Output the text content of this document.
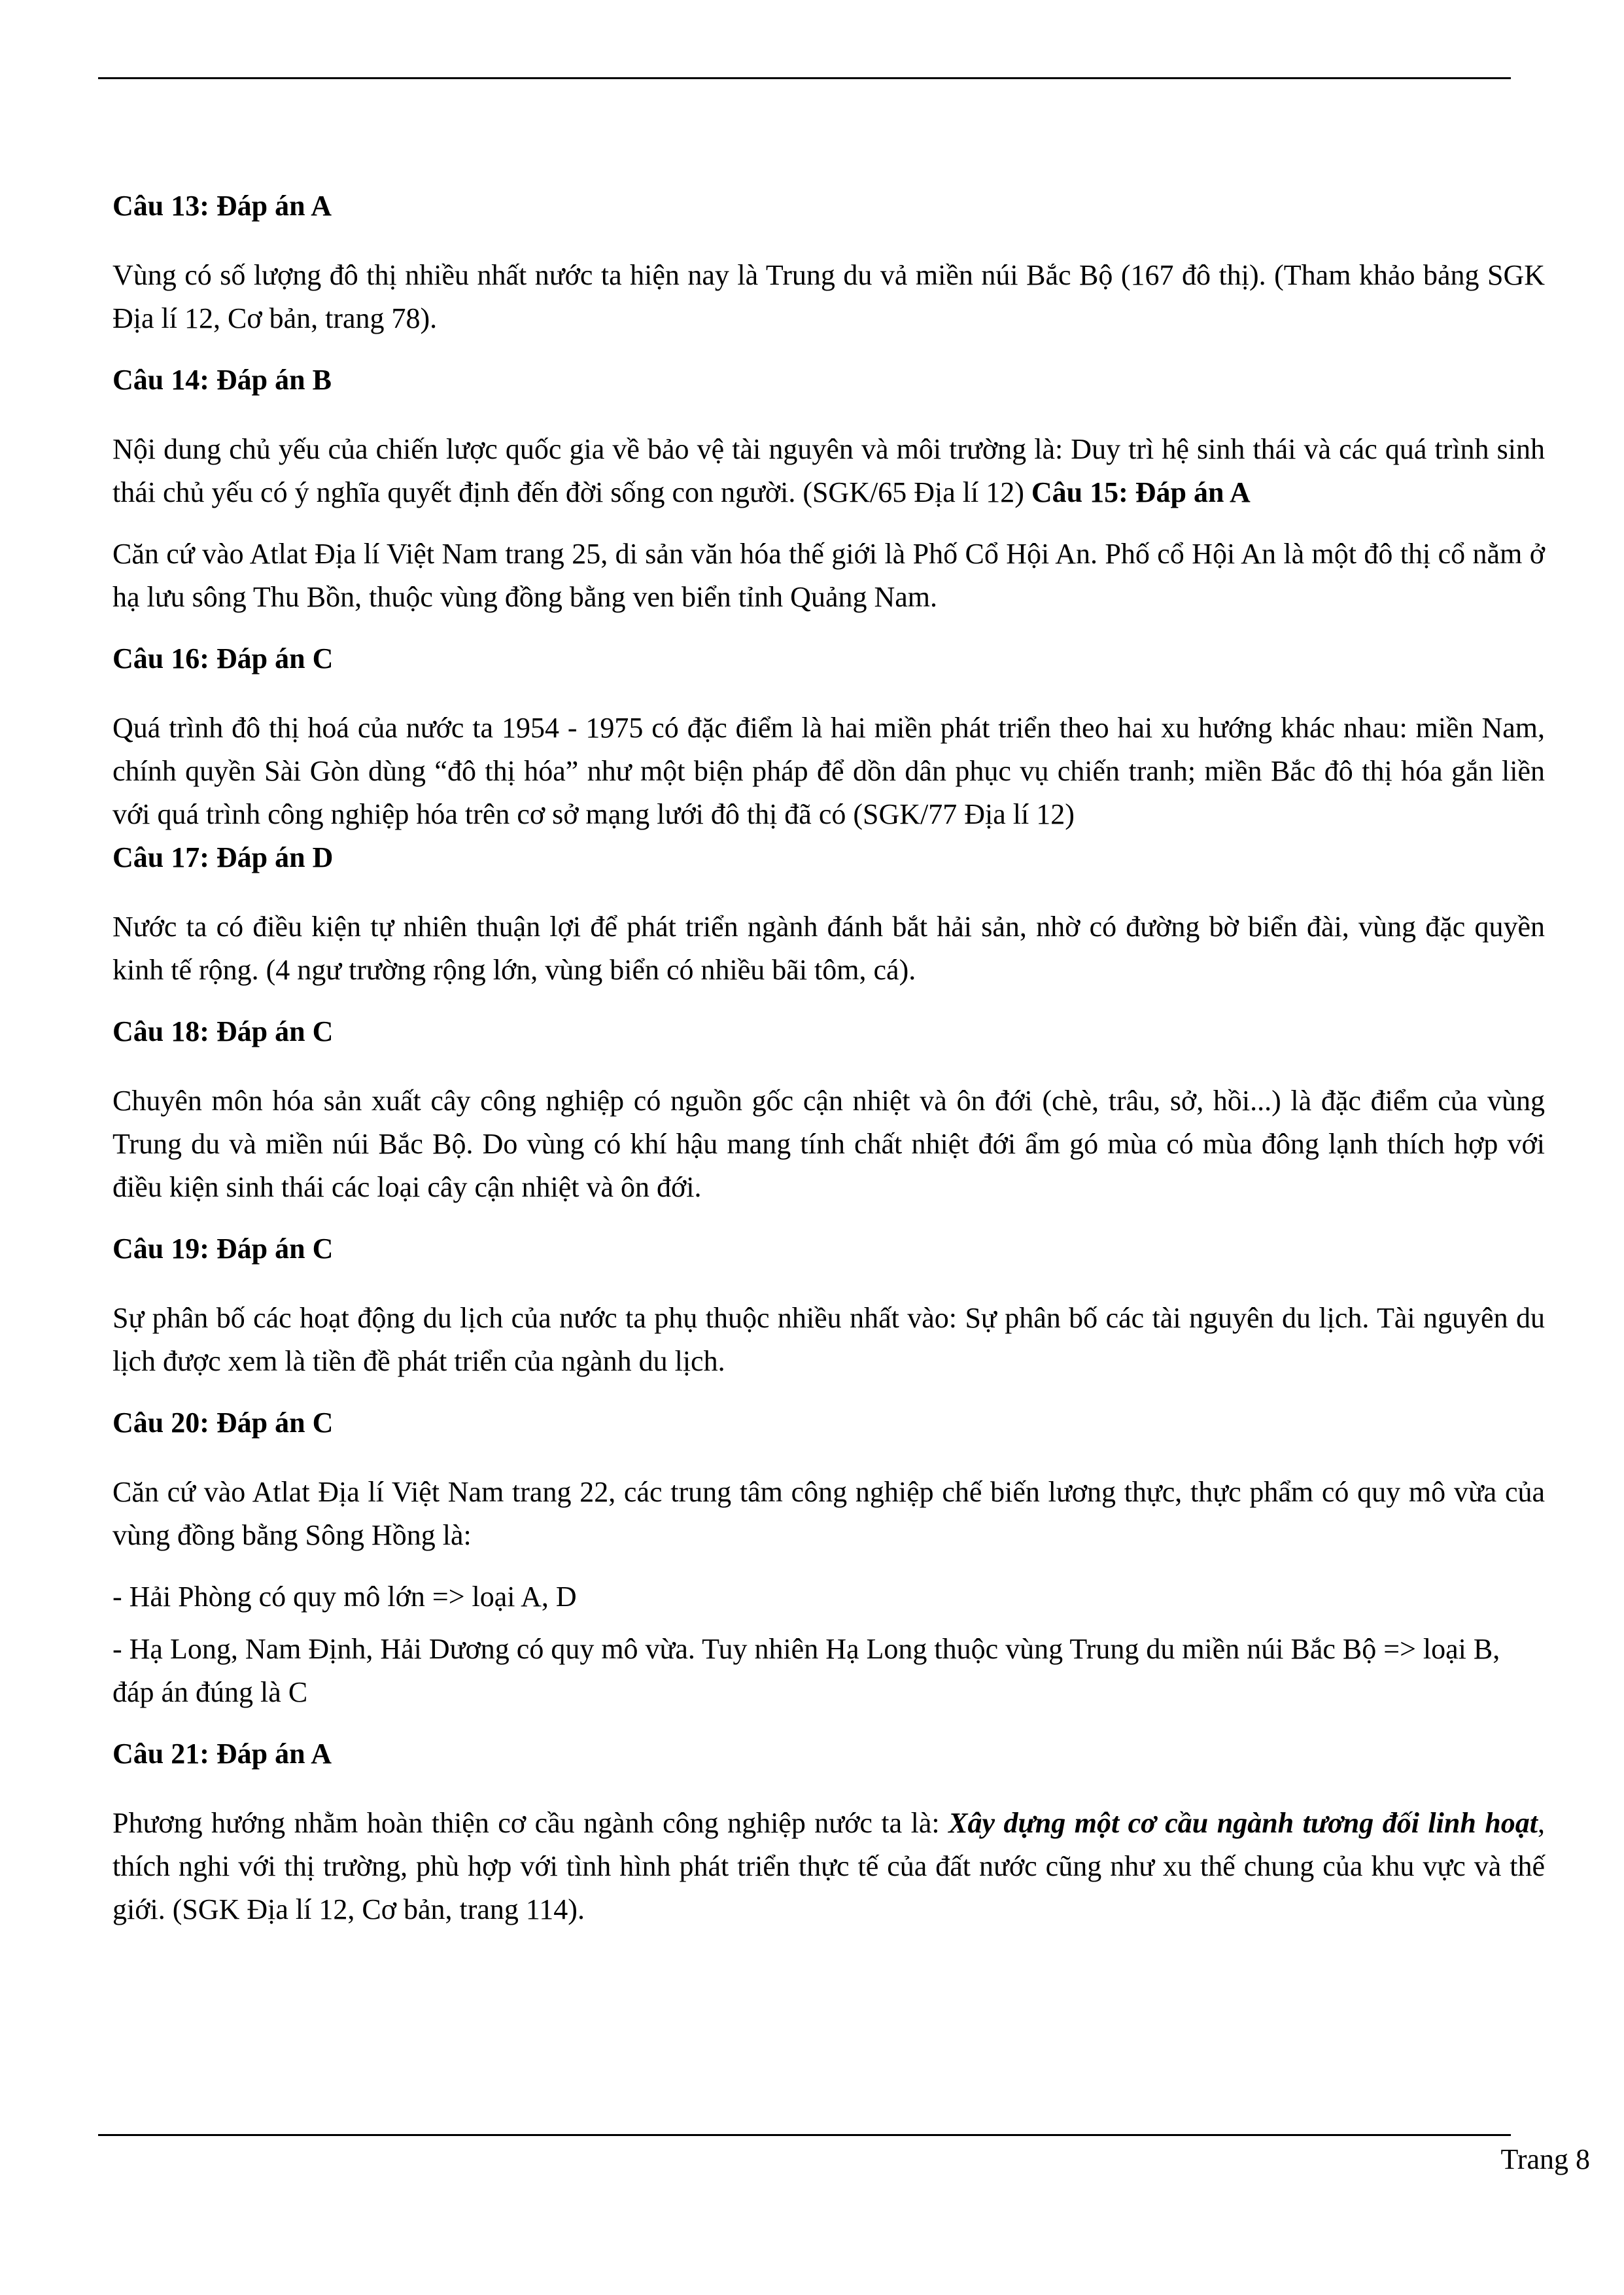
Câu 13: Đáp án A
Vùng có số lượng đô thị nhiều nhất nước ta hiện nay là Trung du vả miền núi Bắc Bộ (167 đô thị). (Tham khảo bảng SGK Địa lí 12, Cơ bản, trang 78).
Câu 14: Đáp án B
Nội dung chủ yếu của chiến lược quốc gia về bảo vệ tài nguyên và môi trường là: Duy trì hệ sinh thái và các quá trình sinh thái chủ yếu có ý nghĩa quyết định đến đời sống con người. (SGK/65 Địa lí 12) Câu 15: Đáp án A
Căn cứ vào Atlat Địa lí Việt Nam trang 25, di sản văn hóa thế giới là Phố Cổ Hội An. Phố cổ Hội An là một đô thị cổ nằm ở hạ lưu sông Thu Bồn, thuộc vùng đồng bằng ven biển tỉnh Quảng Nam.
Câu 16: Đáp án C
Quá trình đô thị hoá của nước ta 1954 - 1975 có đặc điểm là hai miền phát triển theo hai xu hướng khác nhau: miền Nam, chính quyền Sài Gòn dùng “đô thị hóa” như một biện pháp để dồn dân phục vụ chiến tranh; miền Bắc đô thị hóa gắn liền với quá trình công nghiệp hóa trên cơ sở mạng lưới đô thị đã có (SGK/77 Địa lí 12)
Câu 17: Đáp án D
Nước ta có điều kiện tự nhiên thuận lợi để phát triển ngành đánh bắt hải sản, nhờ có đường bờ biển đài, vùng đặc quyền kinh tế rộng. (4 ngư trường rộng lớn, vùng biển có nhiều bãi tôm, cá).
Câu 18: Đáp án C
Chuyên môn hóa sản xuất cây công nghiệp có nguồn gốc cận nhiệt và ôn đới (chè, trâu, sở, hồi...) là đặc điểm của vùng Trung du và miền núi Bắc Bộ. Do vùng có khí hậu mang tính chất nhiệt đới ẩm gó mùa có mùa đông lạnh thích hợp với điều kiện sinh thái các loại cây cận nhiệt và ôn đới.
Câu 19: Đáp án C
Sự phân bố các hoạt động du lịch của nước ta phụ thuộc nhiều nhất vào: Sự phân bố các tài nguyên du lịch. Tài nguyên du lịch được xem là tiền đề phát triển của ngành du lịch.
Câu 20: Đáp án C
Căn cứ vào Atlat Địa lí Việt Nam trang 22, các trung tâm công nghiệp chế biến lương thực, thực phẩm có quy mô vừa của vùng đồng bằng Sông Hồng là:
- Hải Phòng có quy mô lớn => loại A, D
- Hạ Long, Nam Định, Hải Dương có quy mô vừa. Tuy nhiên Hạ Long thuộc vùng Trung du miền núi Bắc Bộ => loại B, đáp án đúng là C
Câu 21: Đáp án A
Phương hướng nhằm hoàn thiện cơ cầu ngành công nghiệp nước ta là: Xây dựng một cơ cầu ngành tương đối linh hoạt, thích nghi với thị trường, phù hợp với tình hình phát triển thực tế của đất nước cũng như xu thế chung của khu vực và thế giới. (SGK Địa lí 12, Cơ bản, trang 114).
Trang 8
